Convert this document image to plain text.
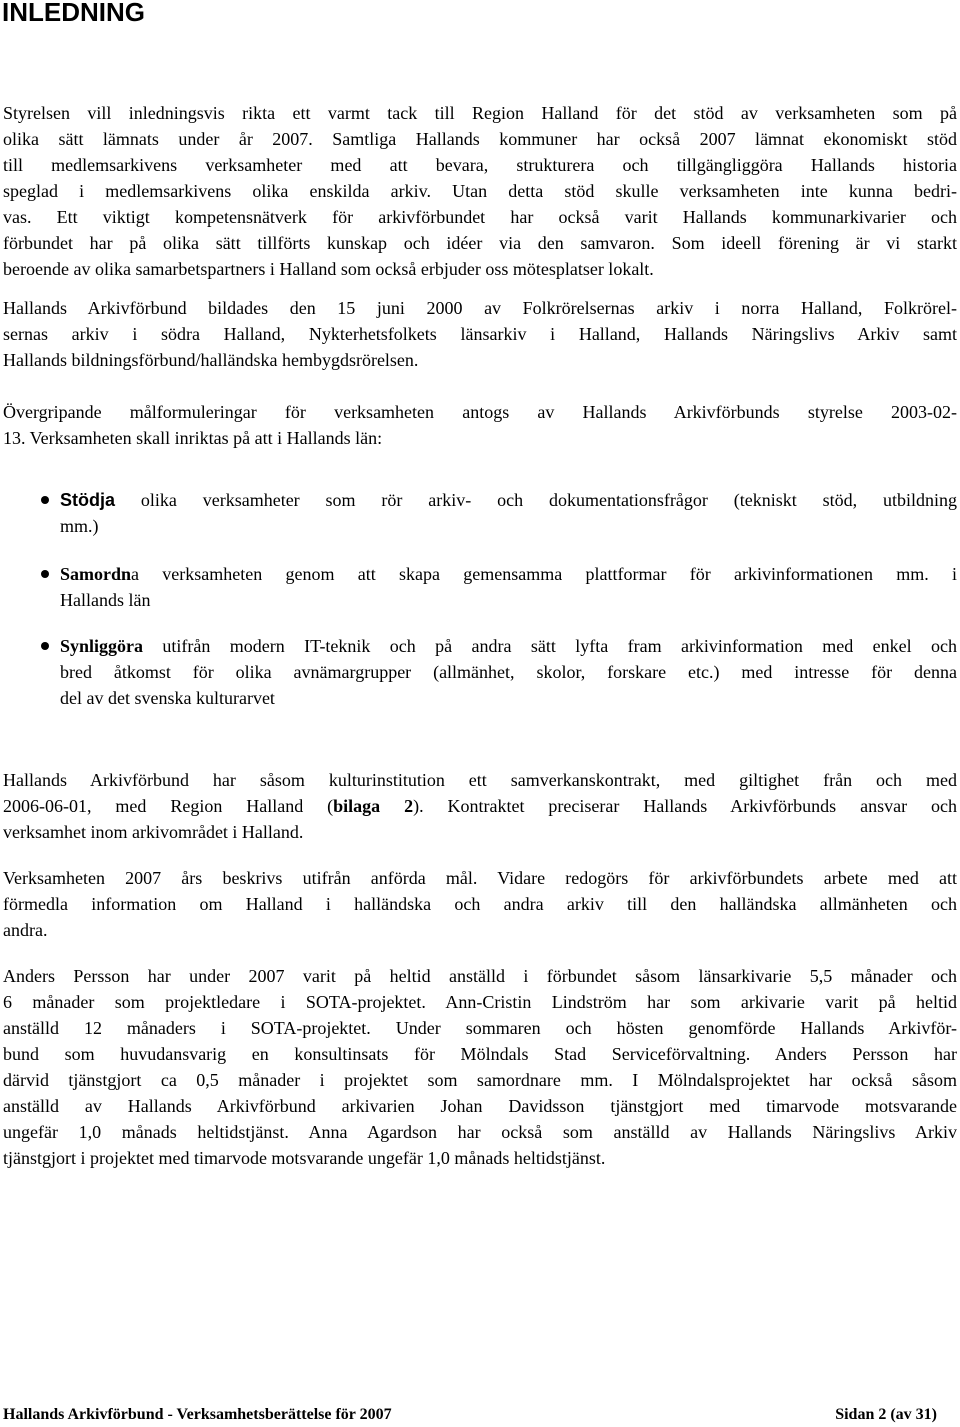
INLEDNING
Styrelsen vill inledningsvis rikta ett varmt tack till Region Halland för det stöd av verksamheten som på
olika sätt lämnats under år 2007. Samtliga Hallands kommuner har också 2007 lämnat ekonomiskt stöd
till medlemsarkivens verksamheter med att bevara, strukturera och tillgängliggöra Hallands historia
speglad i medlemsarkivens olika enskilda arkiv. Utan detta stöd skulle verksamheten inte kunna bedri-
vas. Ett viktigt kompetensnätverk för arkivförbundet har också varit Hallands kommunarkivarier och
förbundet har på olika sätt tillförts kunskap och idéer via den samvaron. Som ideell förening är vi starkt
beroende av olika samarbetspartners i Halland som också erbjuder oss mötesplatser lokalt.
Hallands Arkivförbund bildades den 15 juni 2000 av Folkrörelsernas arkiv i norra Halland, Folkrörel-
sernas arkiv i södra Halland, Nykterhetsfolkets länsarkiv i Halland, Hallands Näringslivs Arkiv samt
Hallands bildningsförbund/halländska hembygdsrörelsen.
Övergripande målformuleringar för verksamheten antogs av Hallands Arkivförbunds styrelse 2003-02-
13. Verksamheten skall inriktas på att i Hallands län:
Stödja olika verksamheter som rör arkiv- och dokumentationsfrågor (tekniskt stöd, utbildning
mm.)
Samordna verksamheten genom att skapa gemensamma plattformar för arkivinformationen mm. i
Hallands län
Synliggöra utifrån modern IT-teknik och på andra sätt lyfta fram arkivinformation med enkel och
bred åtkomst för olika avnämargrupper (allmänhet, skolor, forskare etc.) med intresse för denna
del av det svenska kulturarvet
Hallands Arkivförbund har såsom kulturinstitution ett samverkanskontrakt, med giltighet från och med
2006-06-01, med Region Halland (bilaga 2). Kontraktet preciserar Hallands Arkivförbunds ansvar och
verksamhet inom arkivområdet i Halland.
Verksamheten 2007 års beskrivs utifrån anförda mål. Vidare redogörs för arkivförbundets arbete med att
förmedla information om Halland i halländska och andra arkiv till den halländska allmänheten och
andra.
Anders Persson har under 2007 varit på heltid anställd i förbundet såsom länsarkivarie 5,5 månader och
6 månader som projektledare i SOTA-projektet. Ann-Cristin Lindström har som arkivarie varit på heltid
anställd 12 månaders i SOTA-projektet. Under sommaren och hösten genomförde Hallands Arkivför-
bund som huvudansvarig en konsultinsats för Mölndals Stad Serviceförvaltning. Anders Persson har
därvid tjänstgjort ca 0,5 månader i projektet som samordnare mm. I Mölndalsprojektet har också såsom
anställd av Hallands Arkivförbund arkivarien Johan Davidsson tjänstgjort med timarvode motsvarande
ungefär 1,0 månads heltidstjänst. Anna Agardson har också som anställd av Hallands Näringslivs Arkiv
tjänstgjort i projektet med timarvode motsvarande ungefär 1,0 månads heltidstjänst.
Hallands Arkivförbund - Verksamhetsberättelse för 2007	Sidan 2 (av 31)
